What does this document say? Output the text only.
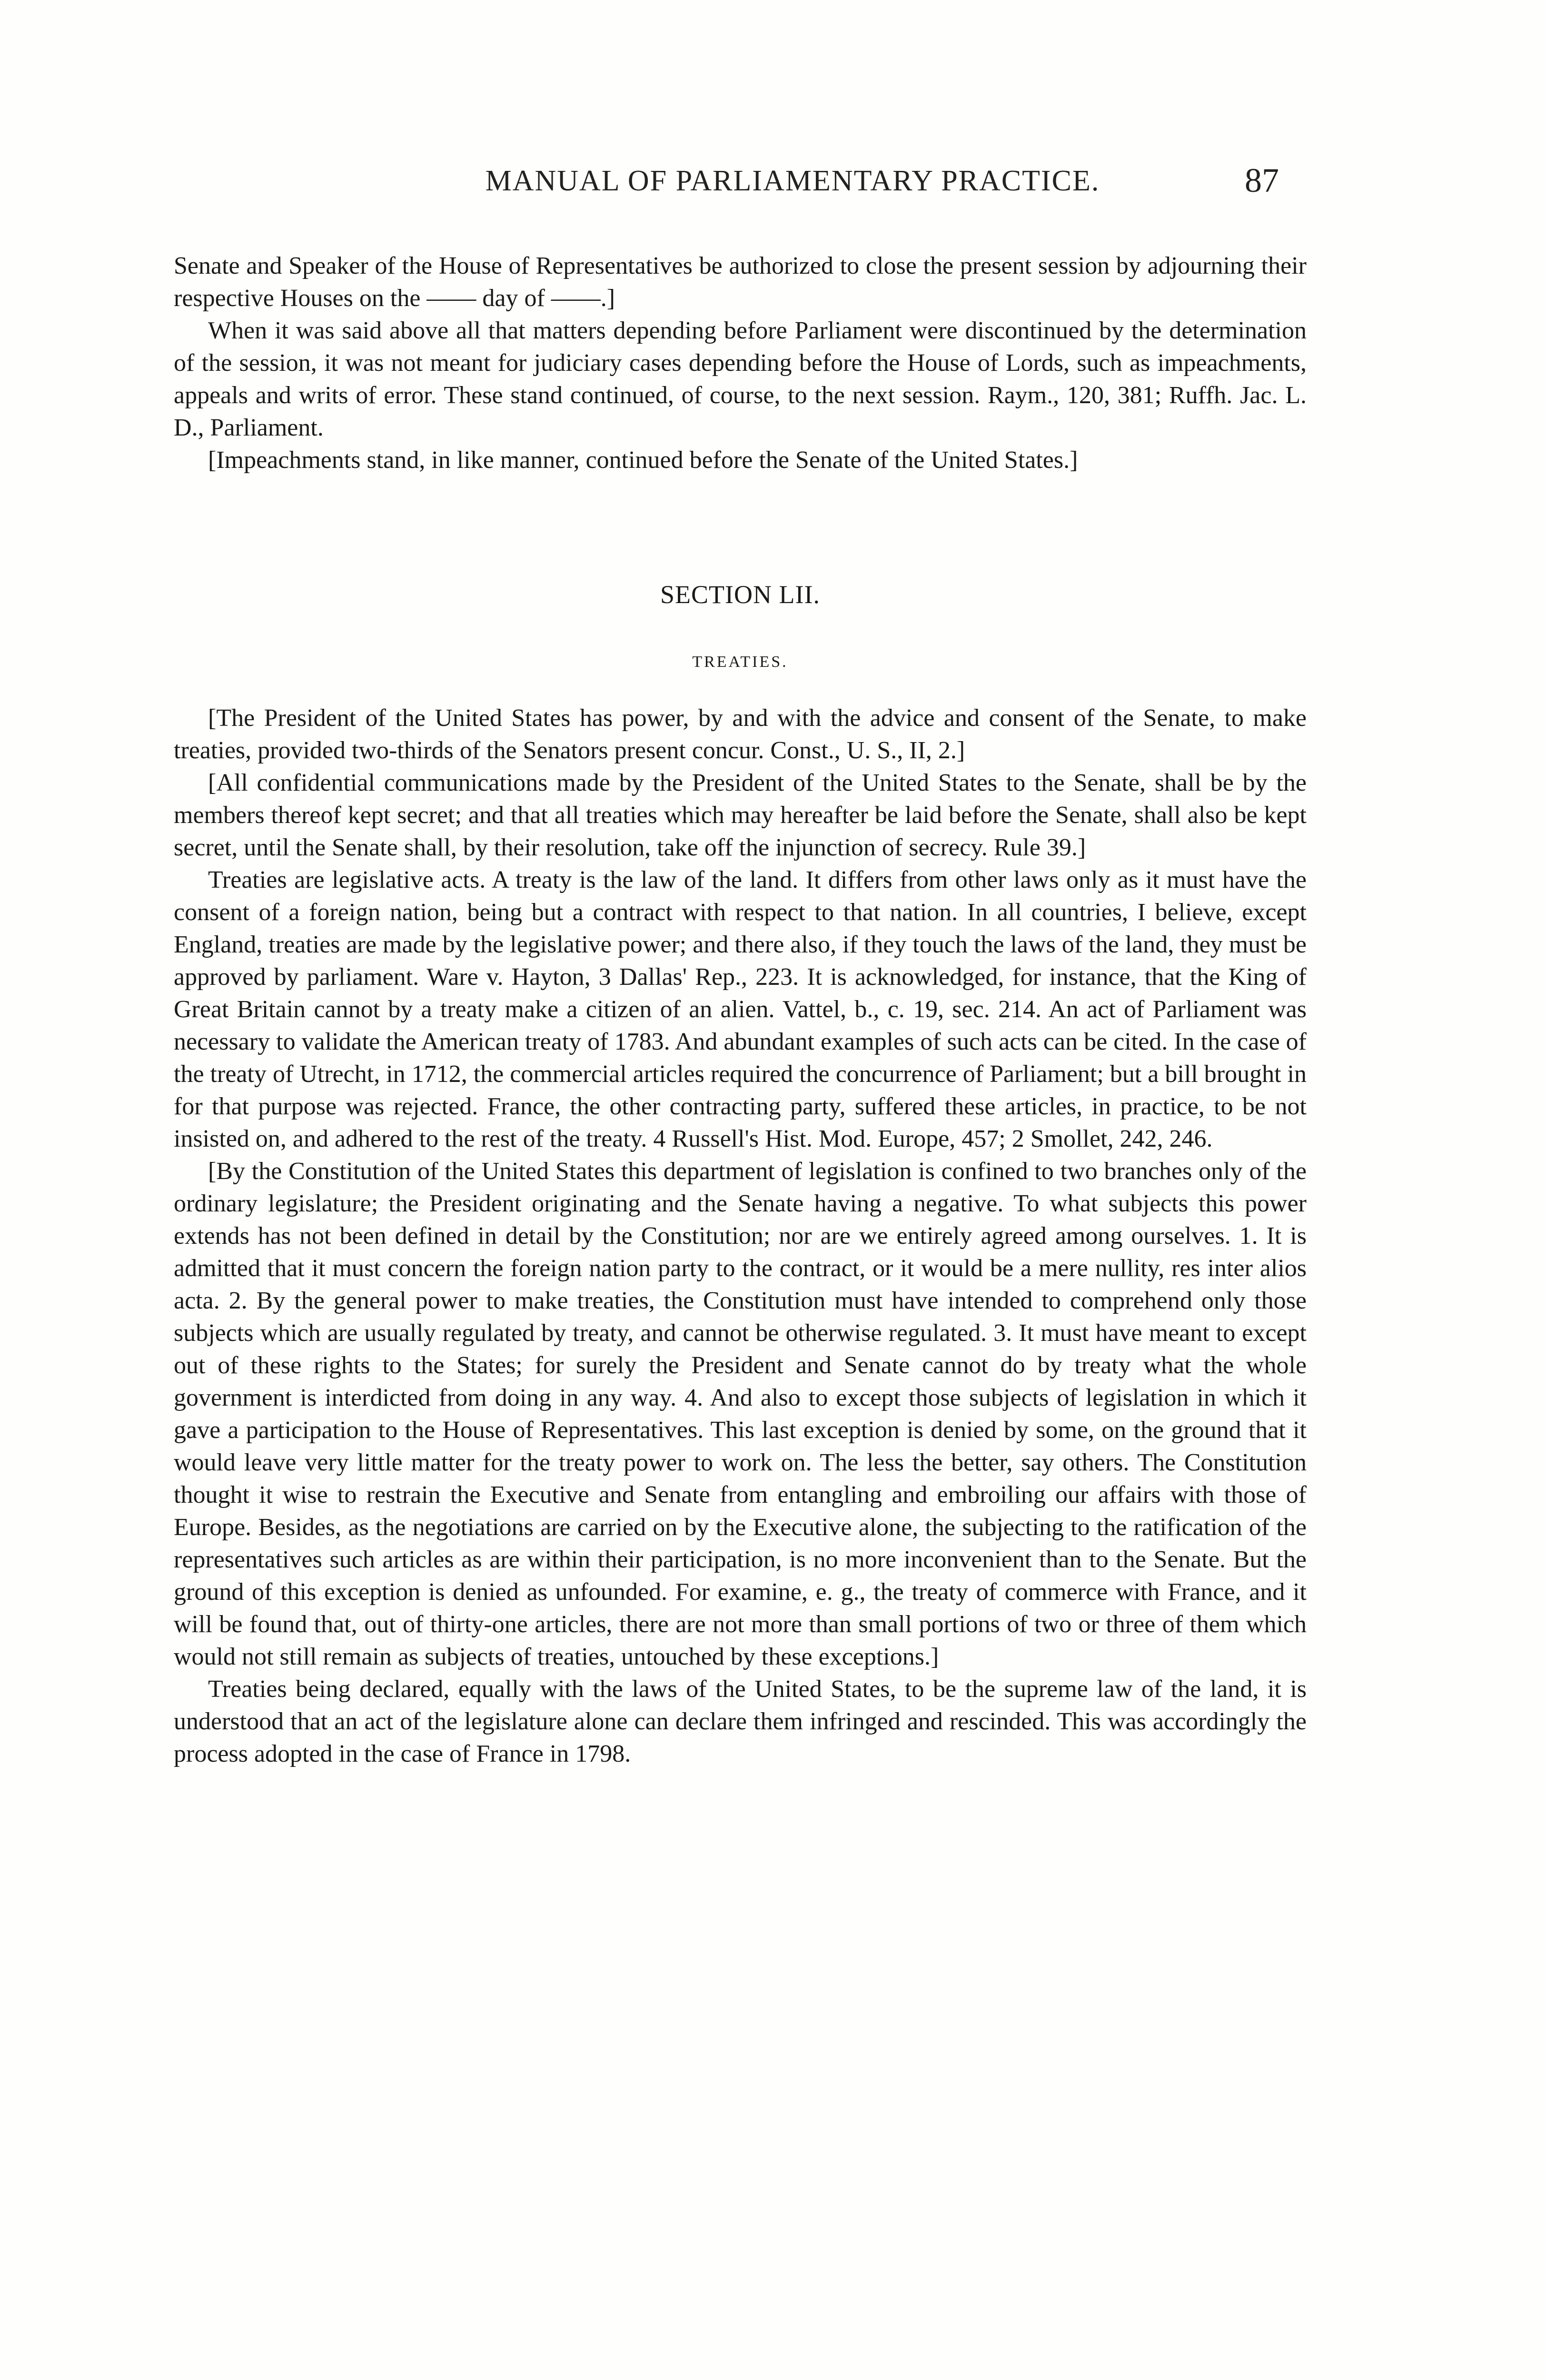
MANUAL OF PARLIAMENTARY PRACTICE.	87

Senate and Speaker of the House of Representatives be authorized to close the present session by adjourning their respective Houses on the —— day of ——.]

When it was said above all that matters depending before Parliament were discontinued by the determination of the session, it was not meant for judiciary cases depending before the House of Lords, such as impeachments, appeals and writs of error. These stand continued, of course, to the next session. Raym., 120, 381; Ruffh. Jac. L. D., Parliament.

[Impeachments stand, in like manner, continued before the Senate of the United States.]

SECTION LII.
TREATIES.

[The President of the United States has power, by and with the advice and consent of the Senate, to make treaties, provided two-thirds of the Senators present concur. Const., U. S., II, 2.]

[All confidential communications made by the President of the United States to the Senate, shall be by the members thereof kept secret; and that all treaties which may hereafter be laid before the Senate, shall also be kept secret, until the Senate shall, by their resolution, take off the injunction of secrecy. Rule 39.]

Treaties are legislative acts. A treaty is the law of the land. It differs from other laws only as it must have the consent of a foreign nation, being but a contract with respect to that nation. In all countries, I believe, except England, treaties are made by the legislative power; and there also, if they touch the laws of the land, they must be approved by parliament. Ware v. Hayton, 3 Dallas' Rep., 223. It is acknowledged, for instance, that the King of Great Britain cannot by a treaty make a citizen of an alien. Vattel, b., c. 19, sec. 214. An act of Parliament was necessary to validate the American treaty of 1783. And abundant examples of such acts can be cited. In the case of the treaty of Utrecht, in 1712, the commercial articles required the concurrence of Parliament; but a bill brought in for that purpose was rejected. France, the other contracting party, suffered these articles, in practice, to be not insisted on, and adhered to the rest of the treaty. 4 Russell's Hist. Mod. Europe, 457; 2 Smollet, 242, 246.

[By the Constitution of the United States this department of legislation is confined to two branches only of the ordinary legislature; the President originating and the Senate having a negative. To what subjects this power extends has not been defined in detail by the Constitution; nor are we entirely agreed among ourselves. 1. It is admitted that it must concern the foreign nation party to the contract, or it would be a mere nullity, res inter alios acta. 2. By the general power to make treaties, the Constitution must have intended to comprehend only those subjects which are usually regulated by treaty, and cannot be otherwise regulated. 3. It must have meant to except out of these rights to the States; for surely the President and Senate cannot do by treaty what the whole government is interdicted from doing in any way. 4. And also to except those subjects of legislation in which it gave a participation to the House of Representatives. This last exception is denied by some, on the ground that it would leave very little matter for the treaty power to work on. The less the better, say others. The Constitution thought it wise to restrain the Executive and Senate from entangling and embroiling our affairs with those of Europe. Besides, as the negotiations are carried on by the Executive alone, the subjecting to the ratification of the representatives such articles as are within their participation, is no more inconvenient than to the Senate. But the ground of this exception is denied as unfounded. For examine, e. g., the treaty of commerce with France, and it will be found that, out of thirty-one articles, there are not more than small portions of two or three of them which would not still remain as subjects of treaties, untouched by these exceptions.]

Treaties being declared, equally with the laws of the United States, to be the supreme law of the land, it is understood that an act of the legislature alone can declare them infringed and rescinded. This was accordingly the process adopted in the case of France in 1798.
